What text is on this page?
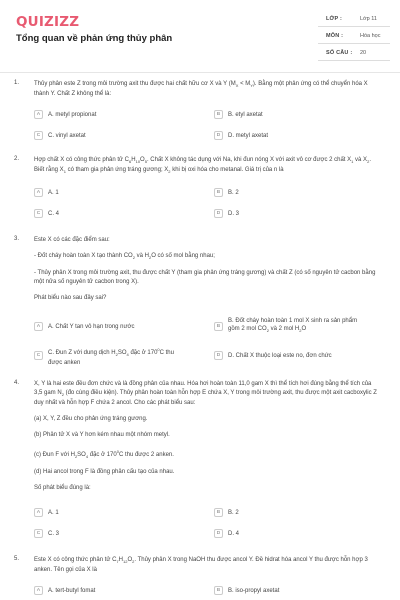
QUIZIZZ
Tổng quan về phản ứng thủy phân
LỚP :	Lớp 11
MÔN :	Hóa học
SỐ CÂU : 20
1. Thủy phân este Z trong môi trường axit thu được hai chất hữu cơ X và Y $(M_X < M_Y)$. Bằng một phản ứng có thể chuyển hóa X thành Y. Chất Z không thể là:
A	A. metyl propionat	B	B. etyl axetat
C	C. vinyl axetat	D	D. metyl axetat
2. Hợp chất X có công thức phân tử $C_6H_{10}O_5$. Chất X không tác dụng với Na, khi đun nóng X với axit vô cơ được 2 chất $X_1$ và $X_2$. Biết rằng $X_1$ có tham gia phản ứng tráng gương; $X_2$ khi bị oxi hóa cho metanal. Giá trị của n là
A	A. 1	B	B. 2
C	C. 4	D	D. 3
3. Este X có các đặc điểm sau:

- Đốt cháy hoàn toàn X tạo thành $CO_2$ và $H_2O$ có số mol bằng nhau;

- Thủy phân X trong môi trường axit, thu được chất Y (tham gia phản ứng tráng gương) và chất Z (có số nguyên tử cacbon bằng một nửa số nguyên tử cacbon trong X).

Phát biểu nào sau đây sai?

A	A. Chất Y tan vô hạn trong nước	B
B. Đốt cháy hoàn toàn 1 mol X sinh ra sản phẩm gồm 2 mol $CO_2$ và 2 mol $H_2O$
C	C. Đun Z với dung dịch $H_2SO_4$ đặc ở $170^0C$ thu được anken
D	D. Chất X thuộc loại este no, đơn chức
4. X, Y là hai este đều đơn chức và là đồng phân của nhau. Hóa hơi hoàn toàn 11,0 gam X thì thể tích hơi đúng bằng thể tích của 3,5 gam $N_2$ (đo cùng điều kiện). Thủy phân hoàn toàn hỗn hợp E chứa X, Y trong môi trường axit, thu được một axit cacboxylic Z duy nhất và hỗn hợp F chứa 2 ancol. Cho các phát biểu sau:

(a) X, Y, Z đều cho phản ứng tráng gương.

(b) Phân tử X và Y hơn kém nhau một nhóm metyl.

(c) Đun F với $H_2SO_4$ đặc ở $170^0C$ thu được 2 anken.

(d) Hai ancol trong F là đồng phân cấu tạo của nhau.

Số phát biểu đúng là:

A	A. 1	B	B. 2
C	C. 3	D	D. 4
5. Este X có công thức phân tử $C_7H_{12}O_2$. Thủy phân X trong NaOH thu được ancol Y. Đề hidrat hóa ancol Y thu được hỗn hợp 3 anken. Tên gọi của X là
A	A. tert-butyl fomat	B	B. iso-propyl axetat
